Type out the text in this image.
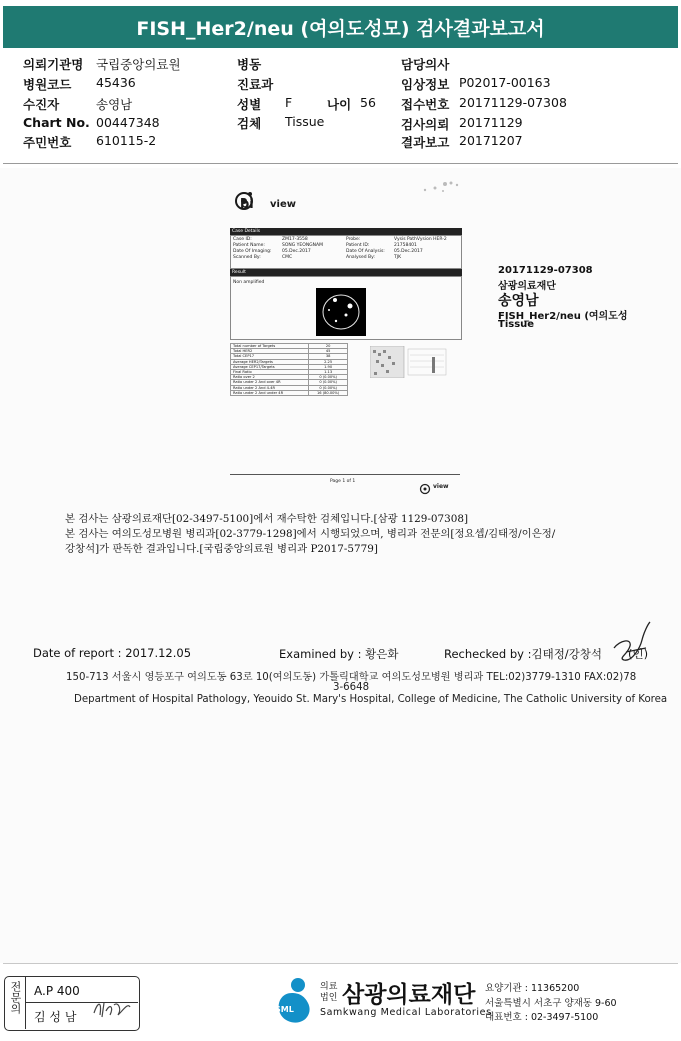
FISH_Her2/neu (여의도성모) 검사결과보고서
의뢰기관명 국립중앙의료원
병원코드 45436
수진자	송영남
Chart No. 00447348
주민번호 610115-2
병동
진료과
성별 F	나이 56
검체 Tissue
담당의사
임상정보 P02017-00163
접수번호 20171129-07308
검사의뢰 20171129
결과보고 20171207
bi view
Case Details
Case ID:	ZM17-3558
Patient Name:	SONG YEONGNAM
Date Of Imaging: 05.Dec.2017
Scanned By:	CMC
Probe:	Vysis PathVysion HER-2
Patient ID:	21758401
Date Of Analysis: 05.Dec.2017
Analysed By:	TJK
Result
Non amplified
Total number of Targets	20
Total HER2	45
Total CEP17	38
Average HER2/Targets	2.25
Average CEP17/Targets	1.90
Final Ratio	1.13
Ratio over 2	0 (0.00%)
Ratio under 2 And over 4R	0 (0.00%)
Ratio under 2 And 4-4R	0 (0.00%)
Ratio under 2 And under 4R	16 (80.00%)
Page 1 of 1
view
20171129-07308
삼광의료재단
송영남
FISH_Her2/neu (여의도성
Tissue
본 검사는 삼광의료재단[02-3497-5100]에서 재수탁한 검체입니다.[삼광 1129-07308]
본 검사는 여의도성모병원 병리과[02-3779-1298]에서 시행되었으며, 병리과 전문의[정요셉/김태정/이은정/
강창석]가 판독한 결과입니다.[국립중앙의료원 병리과 P2017-5779]
Date of report : 2017.12.05	Examined by : 황은화	Rechecked by :김태정/강창석 (인)
150-713 서울시 영등포구 여의도동 63로 10(여의도동) 가톨릭대학교 여의도성모병원 병리과 TEL:02)3779-1310 FAX:02)78
3-6648
Department of Hospital Pathology, Yeouido St. Mary's Hospital, College of Medicine, The Catholic University of Korea
전문의 A.P 400
김 성 남
SML
의료
법인 삼광의료재단
Samkwang Medical Laboratories
요양기관 : 11365200
서울특별시 서초구 양재동 9-60
대표번호 : 02-3497-5100
